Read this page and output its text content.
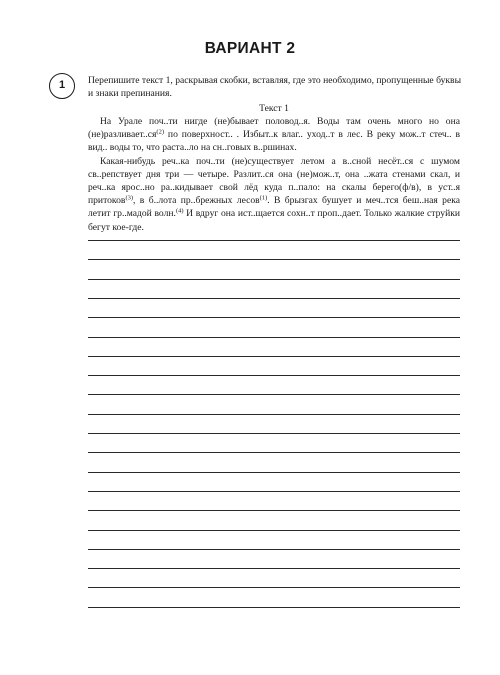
ВАРИАНТ 2
1	Перепишите текст 1, раскрывая скобки, вставляя, где это необходимо, пропущенные буквы и знаки препинания.
Текст 1

На Урале поч..ти нигде (не)бывает половод..я. Воды там очень много но она $(не)разливает..ся^{(2)}$ по поверхност.. . Избыт..к влаг.. уход..т в лес. В реку мож..т стеч.. в вид.. воды то, что раста..ло на сн..говых в..ршинах.

Какая-нибудь реч..ка поч..ти (не)существует летом а в..сной несёт..ся с шумом св..репствует дня три — четыре. Разлит..ся она (не)мож..т, она ..жата стенами скал, и реч..ка ярос..но ра..кидывает свой лёд куда п..пало: на скалы берего(ф/в), в уст..я притоков$^{(3)}$, в б..лота пр..брежных лесов$^{(1)}$. В брызгах бушует и меч..тся беш..ная река летит гр..мадой волн.$^{(4)}$ И вдруг она ист..щается сохн..т проп..дает. Только жалкие струйки бегут кое-где.
